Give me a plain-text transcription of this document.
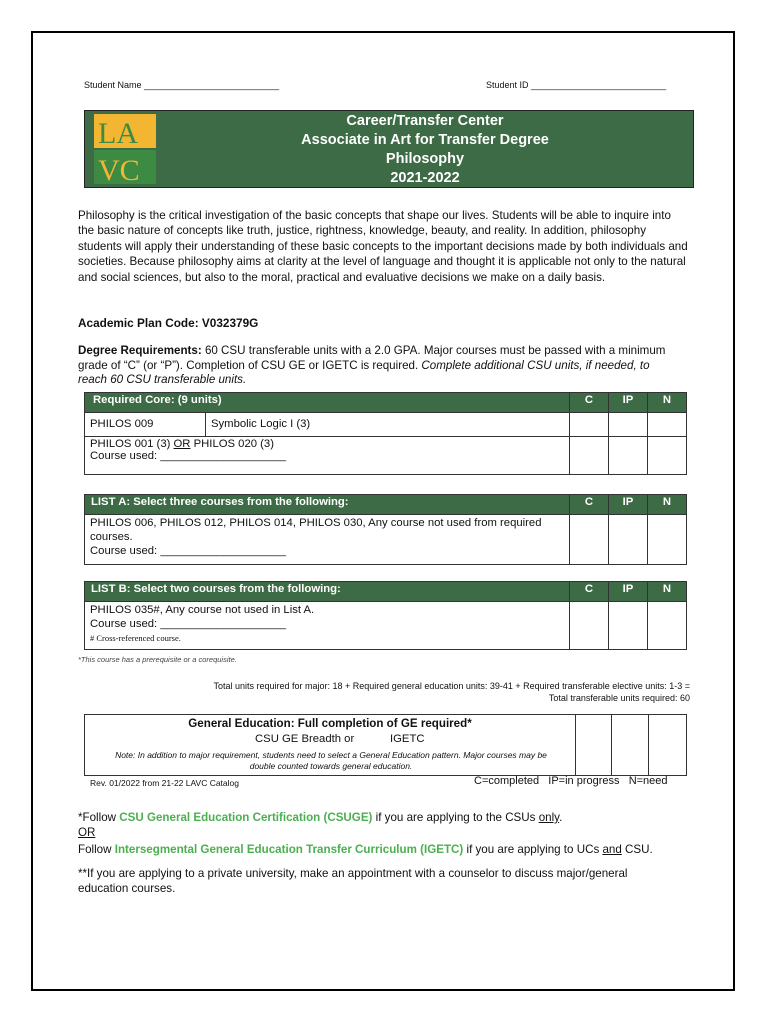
Student Name ___________________________	Student ID ___________________________
LA
VC
Career/Transfer Center
Associate in Art for Transfer Degree
Philosophy
2021-2022
Philosophy is the critical investigation of the basic concepts that shape our lives. Students will be able to inquire into the basic nature of concepts like truth, justice, rightness, knowledge, beauty, and reality. In addition, philosophy students will apply their understanding of these basic concepts to the important decisions made by both individuals and societies. Because philosophy aims at clarity at the level of language and thought it is applicable not only to the natural and social sciences, but also to the moral, practical and evaluative decisions we make on a daily basis.
Academic Plan Code: V032379G
Degree Requirements: 60 CSU transferable units with a 2.0 GPA. Major courses must be passed with a minimum grade of “C” (or “P”). Completion of CSU GE or IGETC is required. Complete additional CSU units, if needed, to reach 60 CSU transferable units.
Required Core: (9 units)		C	IP	N
PHILOS 009	Symbolic Logic I (3)			
PHILOS 001 (3) OR PHILOS 020 (3)
Course used: ____________________				
LIST A: Select three courses from the following:	C	IP	N

PHILOS 006, PHILOS 012, PHILOS 014, PHILOS 030, Any course not used from required courses.
Course used: ____________________			

LIST B: Select two courses from the following:	C	IP	N

PHILOS 035#, Any course not used in List A.
Course used: ____________________
# Cross-referenced course.			

*This course has a prerequisite or a corequisite.
Total units required for major: 18 + Required general education units: 39-41 + Required transferable elective units: 1-3 =
Total transferable units required: 60
General Education: Full completion of GE required*
CSU GE Breadth or	IGETC
Note: In addition to major requirement, students need to select a General Education pattern. Major courses may be double counted towards general education.
Rev. 01/2022 from 21-22 LAVC Catalog	C=completed   IP=in progress   N=need
*Follow CSU General Education Certification (CSUGE) if you are applying to the CSUs only.
OR
Follow Intersegmental General Education Transfer Curriculum (IGETC) if you are applying to UCs and CSU.
**If you are applying to a private university, make an appointment with a counselor to discuss major/general education courses.
